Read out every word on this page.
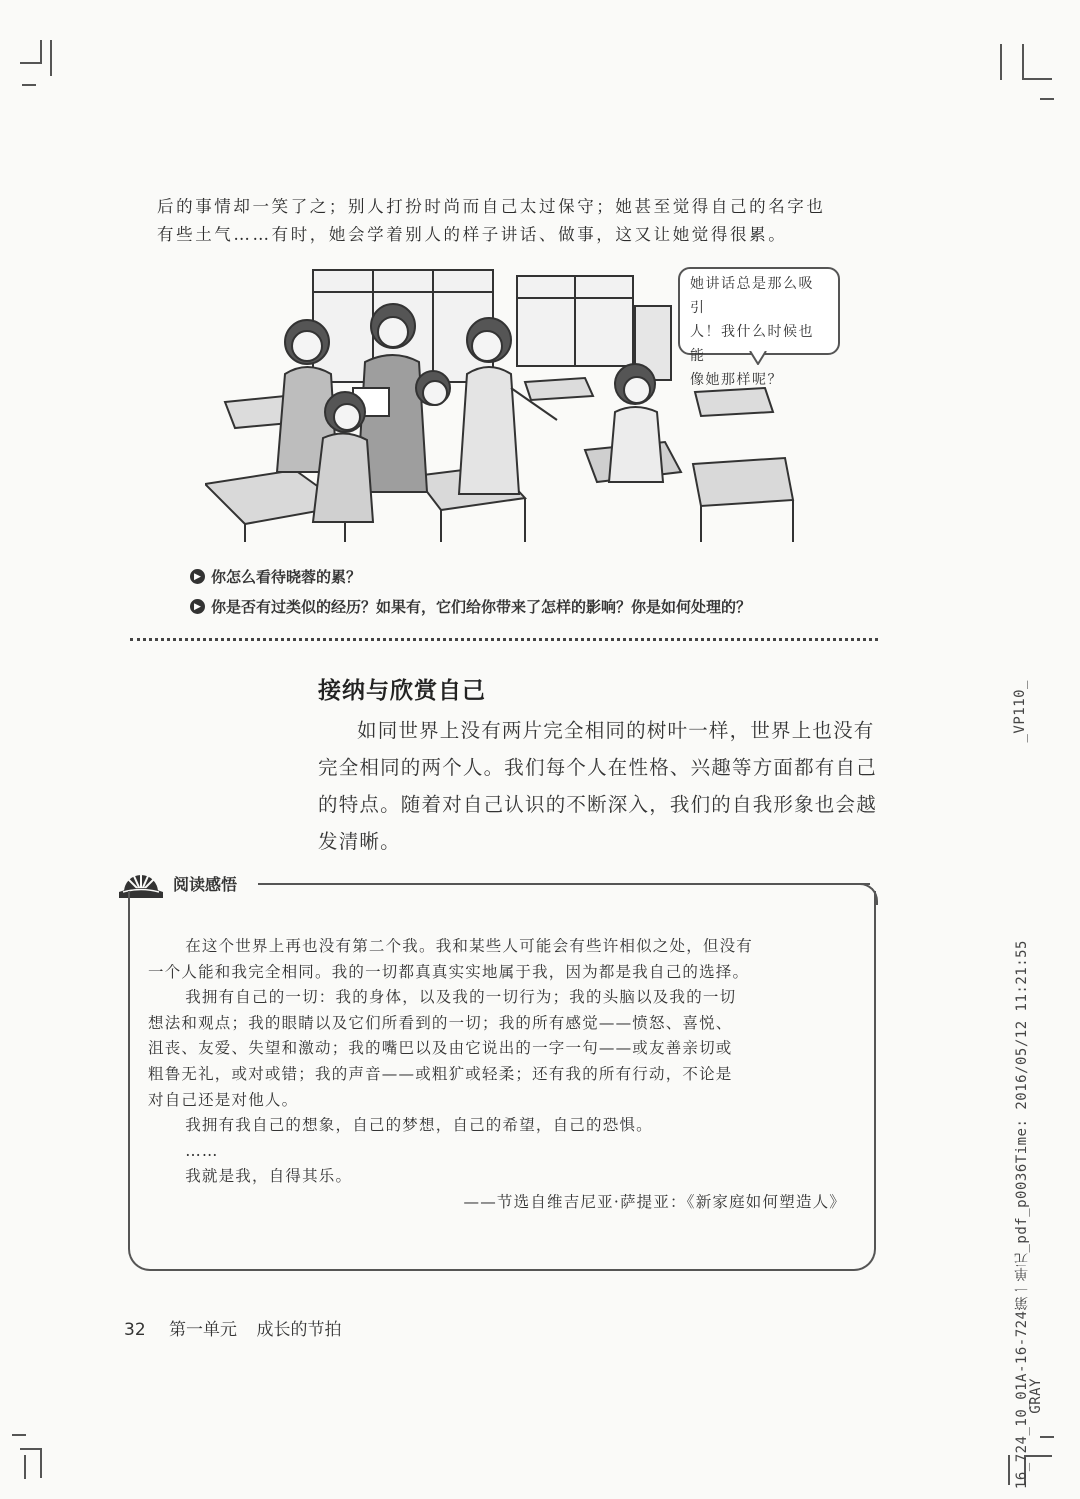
_VP110_
16_724_10_01A-16-724第一单元_pdf_p0036Time: 2016/05/12 11:21:55
GRAY
后的事情却一笑了之；别人打扮时尚而自己太过保守；她甚至觉得自己的名字也
有些土气……有时，她会学着别人的样子讲话、做事，这又让她觉得很累。
她讲话总是那么吸引
人！我什么时候也能
像她那样呢？
▶ 你怎么看待晓蓉的累？
▶ 你是否有过类似的经历？如果有，它们给你带来了怎样的影响？你是如何处理的？
接纳与欣赏自己

如同世界上没有两片完全相同的树叶一样，世界上也没有完全相同的两个人。我们每个人在性格、兴趣等方面都有自己的特点。随着对自己认识的不断深入，我们的自我形象也会越发清晰。

阅读感悟

在这个世界上再也没有第二个我。我和某些人可能会有些许相似之处，但没有

一个人能和我完全相同。我的一切都真真实实地属于我，因为都是我自己的选择。

我拥有自己的一切：我的身体，以及我的一切行为；我的头脑以及我的一切

想法和观点；我的眼睛以及它们所看到的一切；我的所有感觉——愤怒、喜悦、

沮丧、友爱、失望和激动；我的嘴巴以及由它说出的一字一句——或友善亲切或

粗鲁无礼，或对或错；我的声音——或粗犷或轻柔；还有我的所有行动，不论是

对自己还是对他人。

我拥有我自己的想象，自己的梦想，自己的希望，自己的恐惧。

……

我就是我，自得其乐。

——节选自维吉尼亚·萨提亚：《新家庭如何塑造人》

32 第一单元 成长的节拍
